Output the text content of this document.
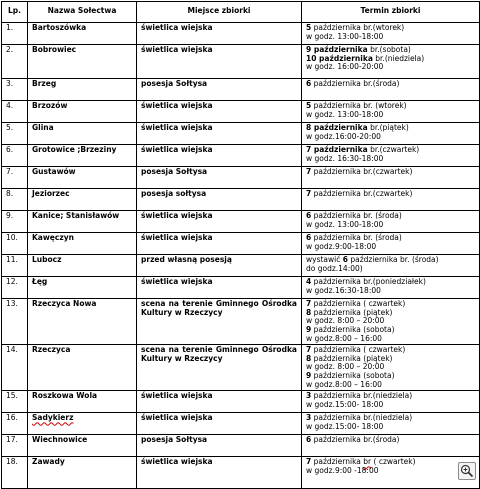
Lp.	Nazwa Sołectwa	Miejsce zbiorki	Termin zbiorki
1.	Bartoszówka	świetlica wiejska	5 października br.(wtorek)
w godz. 13:00-18:00

2.	Bobrowiec	świetlica wiejska	9 października br.(sobota)
10 października br.(niedziela)
w godz. 16:00-20:00

3.	Brzeg	posesja Sołtysa	6 października br.(środa)

4.	Brzozów	świetlica wiejska	5 października br. (wtorek)
w godz. 13:00-18:00

5.	Glina	świetlica wiejska	8 października br.(piątek)
w godz.16:00-20:00

6.	Grotowice ;Brzeziny	świetlica wiejska	7 października br.(czwartek)
w godz. 16:30-18:00

7.	Gustawów	posesja Sołtysa	7 października br.(czwartek)

8.	Jeziorzec	posesja sołtysa	7 października br.(czwartek)

9.	Kanice; Stanisławów	świetlica wiejska	6 października br. (środa)
w godz. 13:00-18:00

10.	Kawęczyn	świetlica wiejska	6 października br. (środa)
w godz.9:00-18:00

11.	Lubocz	przed własną posesją	wystawić 6 października br. (środa)
do godz.14:00)

12.	Łęg	świetlica wiejska	4 października br.(poniedziałek)
w godz.16:30-18:00

13.	Rzeczyca Nowa	scena na terenie Gminnego Ośrodka Kultury w Rzeczycy	7 października ( czwartek)
8 października (piątek)
w godz. 8:00 – 20:00
9 października (sobota)
w godz.8:00 – 16:00

14.	Rzeczyca	scena na terenie Gminnego Ośrodka Kultury w Rzeczycy	7 października ( czwartek)
8 października (piątek)
w godz. 8:00 – 20:00
9 października (sobota)
w godz.8:00 – 16:00

15.	Roszkowa Wola	świetlica wiejska	3 października br.(niedziela)
w godz.15:00- 18:00

16.	Sadykierz	świetlica wiejska	3 października br.(niedziela)
w godz.15:00- 18:00

17.	Wiechnowice	posesja Sołtysa	6 października br.(środa)

18.	Zawady	świetlica wiejska	7 października br ( czwartek)
w godz.9:00 -18:00
